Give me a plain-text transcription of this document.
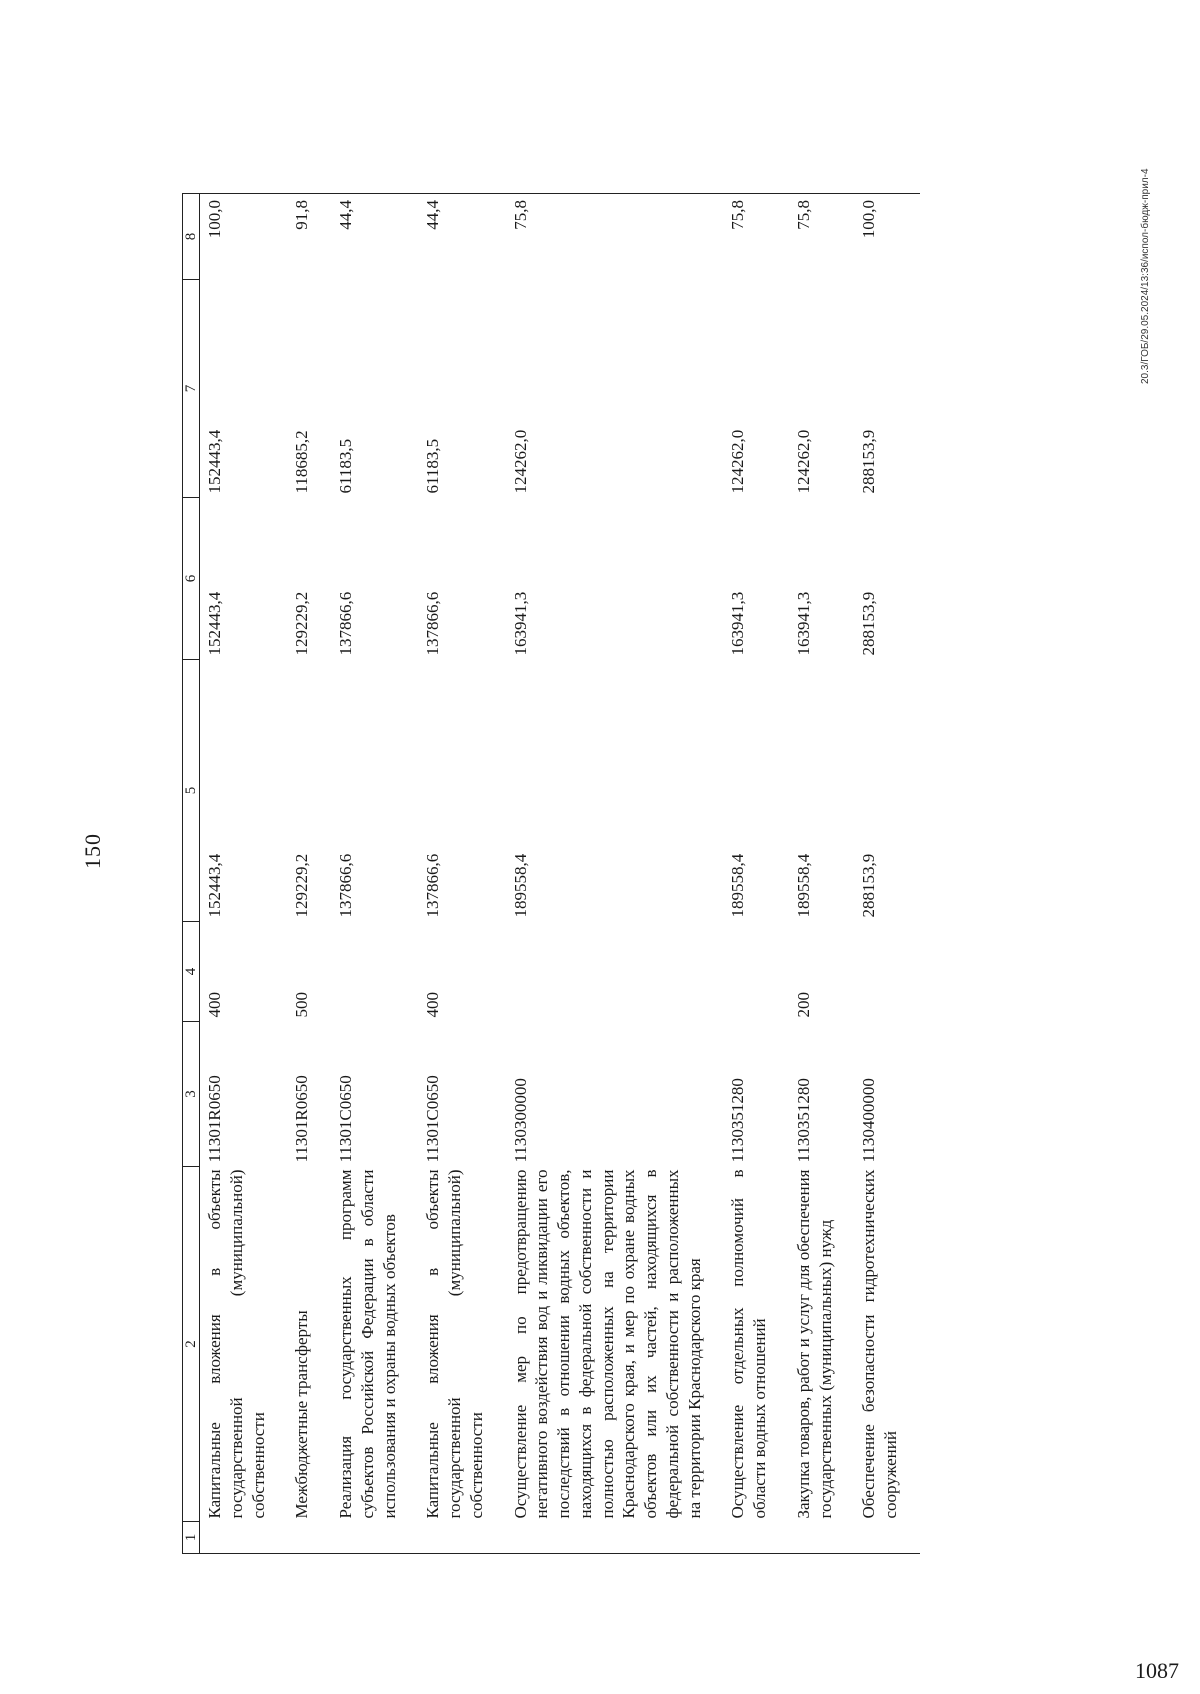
150
1	2	3	4	5	6	7	8
	Капитальные вложения в объекты государственной (муниципальной) собственности	11301R0650	400	152443,4	152443,4	152443,4	100,0
	Межбюджетные трансферты	11301R0650	500	129229,2	129229,2	118685,2	91,8
	Реализация государственных программ субъектов Российской Федерации в области использования и охраны водных объектов	11301C0650		137866,6	137866,6	61183,5	44,4
	Капитальные вложения в объекты государственной (муниципальной) собственности	11301C0650	400	137866,6	137866,6	61183,5	44,4
	Осуществление мер по предотвращению негативного воздействия вод и ликвидации его последствий в отношении водных объектов, находящихся в федеральной собственности и полностью расположенных на территории Краснодарского края, и мер по охране водных объектов или их частей, находящихся в федеральной собственности и расположенных на территории Краснодарского края	1130300000		189558,4	163941,3	124262,0	75,8
	Осуществление отдельных полномочий в области водных отношений	1130351280		189558,4	163941,3	124262,0	75,8
	Закупка товаров, работ и услуг для обеспечения государственных (муниципальных) нужд	1130351280	200	189558,4	163941,3	124262,0	75,8
	Обеспечение безопасности гидротехнических сооружений	1130400000		288153,9	288153,9	288153,9	100,0	20.3/ГОБ/29.05.2024/13:36/испол-бюдж-прил-4
1087
